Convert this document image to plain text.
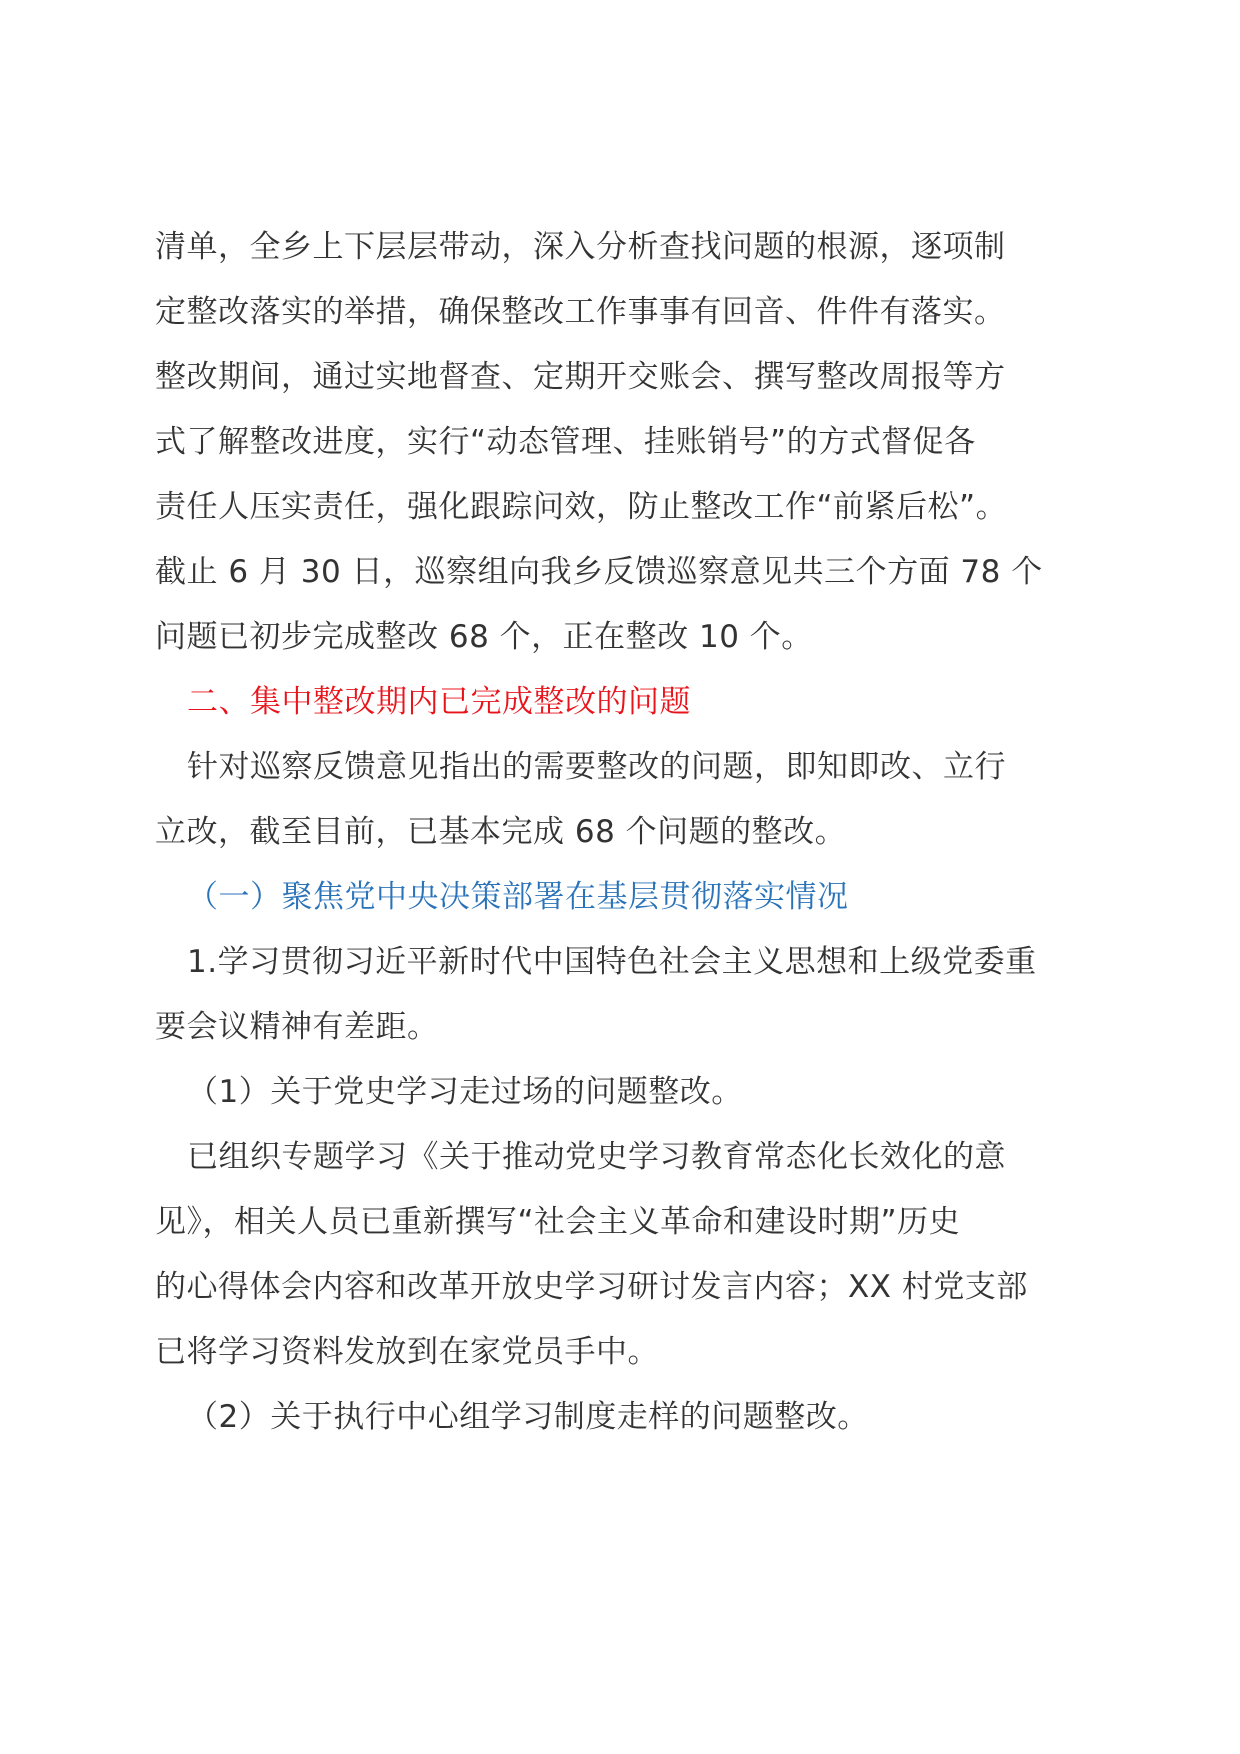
清单，全乡上下层层带动，深入分析查找问题的根源，逐项制
定整改落实的举措，确保整改工作事事有回音、件件有落实。
整改期间，通过实地督查、定期开交账会、撰写整改周报等方
式了解整改进度，实行“动态管理、挂账销号”的方式督促各
责任人压实责任，强化跟踪问效，防止整改工作“前紧后松”。
截止 6 月 30 日，巡察组向我乡反馈巡察意见共三个方面 78 个
问题已初步完成整改 68 个，正在整改 10 个。
二、集中整改期内已完成整改的问题
针对巡察反馈意见指出的需要整改的问题，即知即改、立行
立改，截至目前，已基本完成 68 个问题的整改。
（一）聚焦党中央决策部署在基层贯彻落实情况
1.学习贯彻习近平新时代中国特色社会主义思想和上级党委重
要会议精神有差距。
（1）关于党史学习走过场的问题整改。
已组织专题学习《关于推动党史学习教育常态化长效化的意
见》，相关人员已重新撰写“社会主义革命和建设时期”历史
的心得体会内容和改革开放史学习研讨发言内容；XX 村党支部
已将学习资料发放到在家党员手中。
（2）关于执行中心组学习制度走样的问题整改。
